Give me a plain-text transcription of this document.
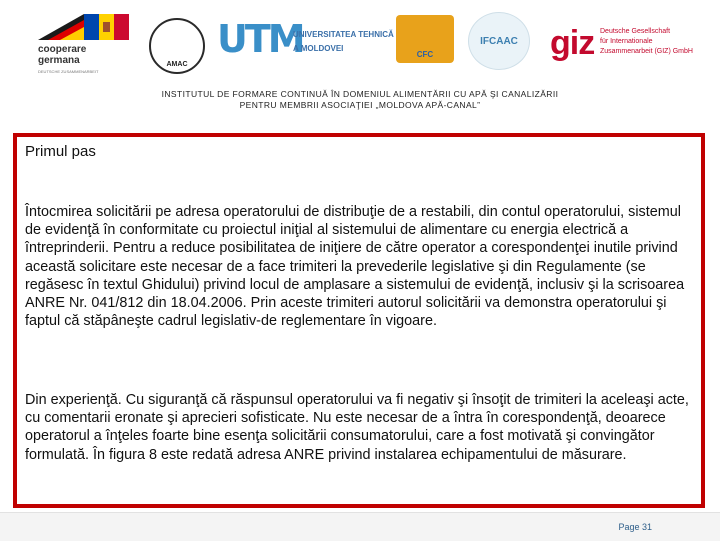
cooperare
germana
DEUTSCHE ZUSAMMENARBEIT
AMAC
UTM
UNIVERSITATEA TEHNICĂ
A MOLDOVEI
CFC
IFCAAC giz Deutsche Gesellschaft
für Internationale
Zusammenarbeit (GIZ) GmbH
INSTITUTUL DE FORMARE CONTINUĂ ÎN DOMENIUL ALIMENTĂRII CU APĂ ŞI CANALIZĂRII
PENTRU MEMBRII ASOCIAŢIEI „MOLDOVA APĂ-CANAL”
Primul pas

Întocmirea solicitării pe adresa operatorului de distribuţie de a restabili, din contul operatorului, sistemul de evidenţă în conformitate cu proiectul iniţial al sistemului de alimentare cu energia electrică a întreprinderii. Pentru a reduce posibilitatea de iniţiere de către operator a corespondenţei inutile privind această solicitare este necesar de a face trimiteri la prevederile legislative şi din Regulamente (se regăsesc în textul Ghidului) privind locul de amplasare a sistemului de evidenţă, inclusiv şi la scrisoarea ANRE Nr. 041/812 din 18.04.2006. Prin aceste trimiteri autorul solicitării va demonstra operatorului şi faptul că stăpâneşte cadrul legislativ-de reglementare în vigoare.

Din experienţă. Cu siguranţă că răspunsul operatorului va fi negativ şi însoţit de trimiteri la aceleaşi acte, cu comentarii eronate şi aprecieri sofisticate. Nu este necesar de a întra în corespondenţă, deoarece operatorul a înţeles foarte bine esenţa solicitării consumatorului, care a fost motivată şi convingător formulată. În figura 8 este redată adresa ANRE privind instalarea echipamentului de măsurare.

Page 31
